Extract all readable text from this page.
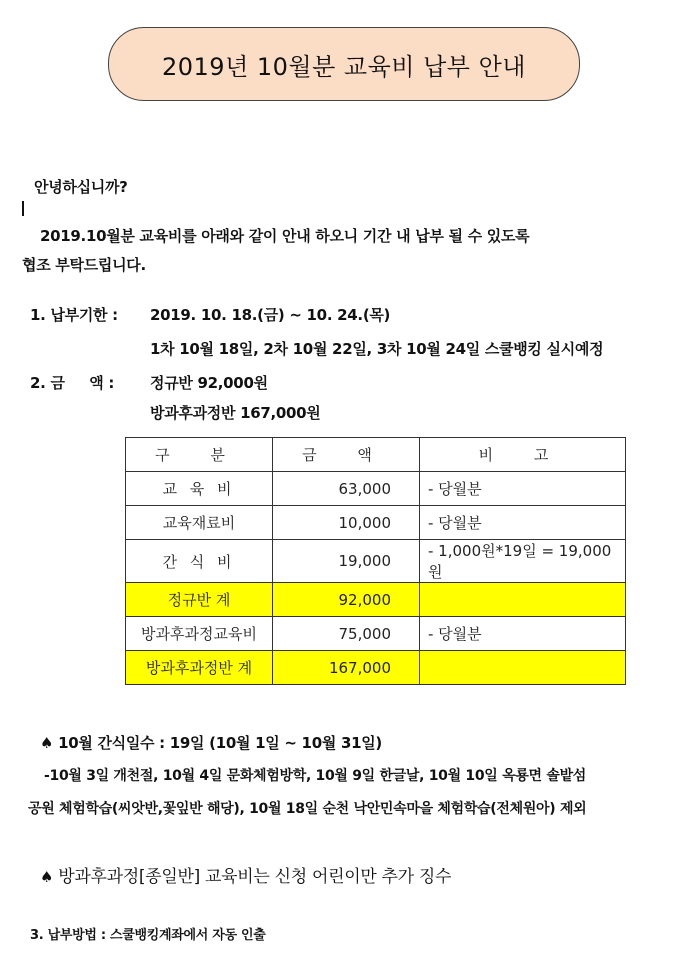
2019년 10월분 교육비 납부 안내
안녕하십니까?
2019.10월분 교육비를 아래와 같이 안내 하오니 기간 내 납부 될 수 있도록
협조 부탁드립니다.
1. 납부기한 : 2019. 10. 18.(금) ~ 10. 24.(목)
1차 10월 18일, 2차 10월 22일, 3차 10월 24일 스쿨뱅킹 실시예정
2. 금     액 : 정규반 92,000원
방과후과정반 167,000원
구 분	금 액	비 고
교 육 비	63,000	- 당월분
교육재료비	10,000	- 당월분
간 식 비	19,000	- 1,000원*19일 = 19,000원
정규반 계	92,000	
방과후과정교육비	75,000	- 당월분
방과후과정반 계	167,000	
♠ 10월 간식일수 : 19일 (10월 1일 ~ 10월 31일)
-10월 3일 개천절, 10월 4일 문화체험방학, 10월 9일 한글날, 10월 10일 옥룡면 솔밭섬
공원 체험학습(씨앗반,꽃잎반 해당), 10월 18일 순천 낙안민속마을 체험학습(전체원아) 제외
♠ 방과후과정[종일반] 교육비는 신청 어린이만 추가 징수
3. 납부방법 : 스쿨뱅킹계좌에서 자동 인출
